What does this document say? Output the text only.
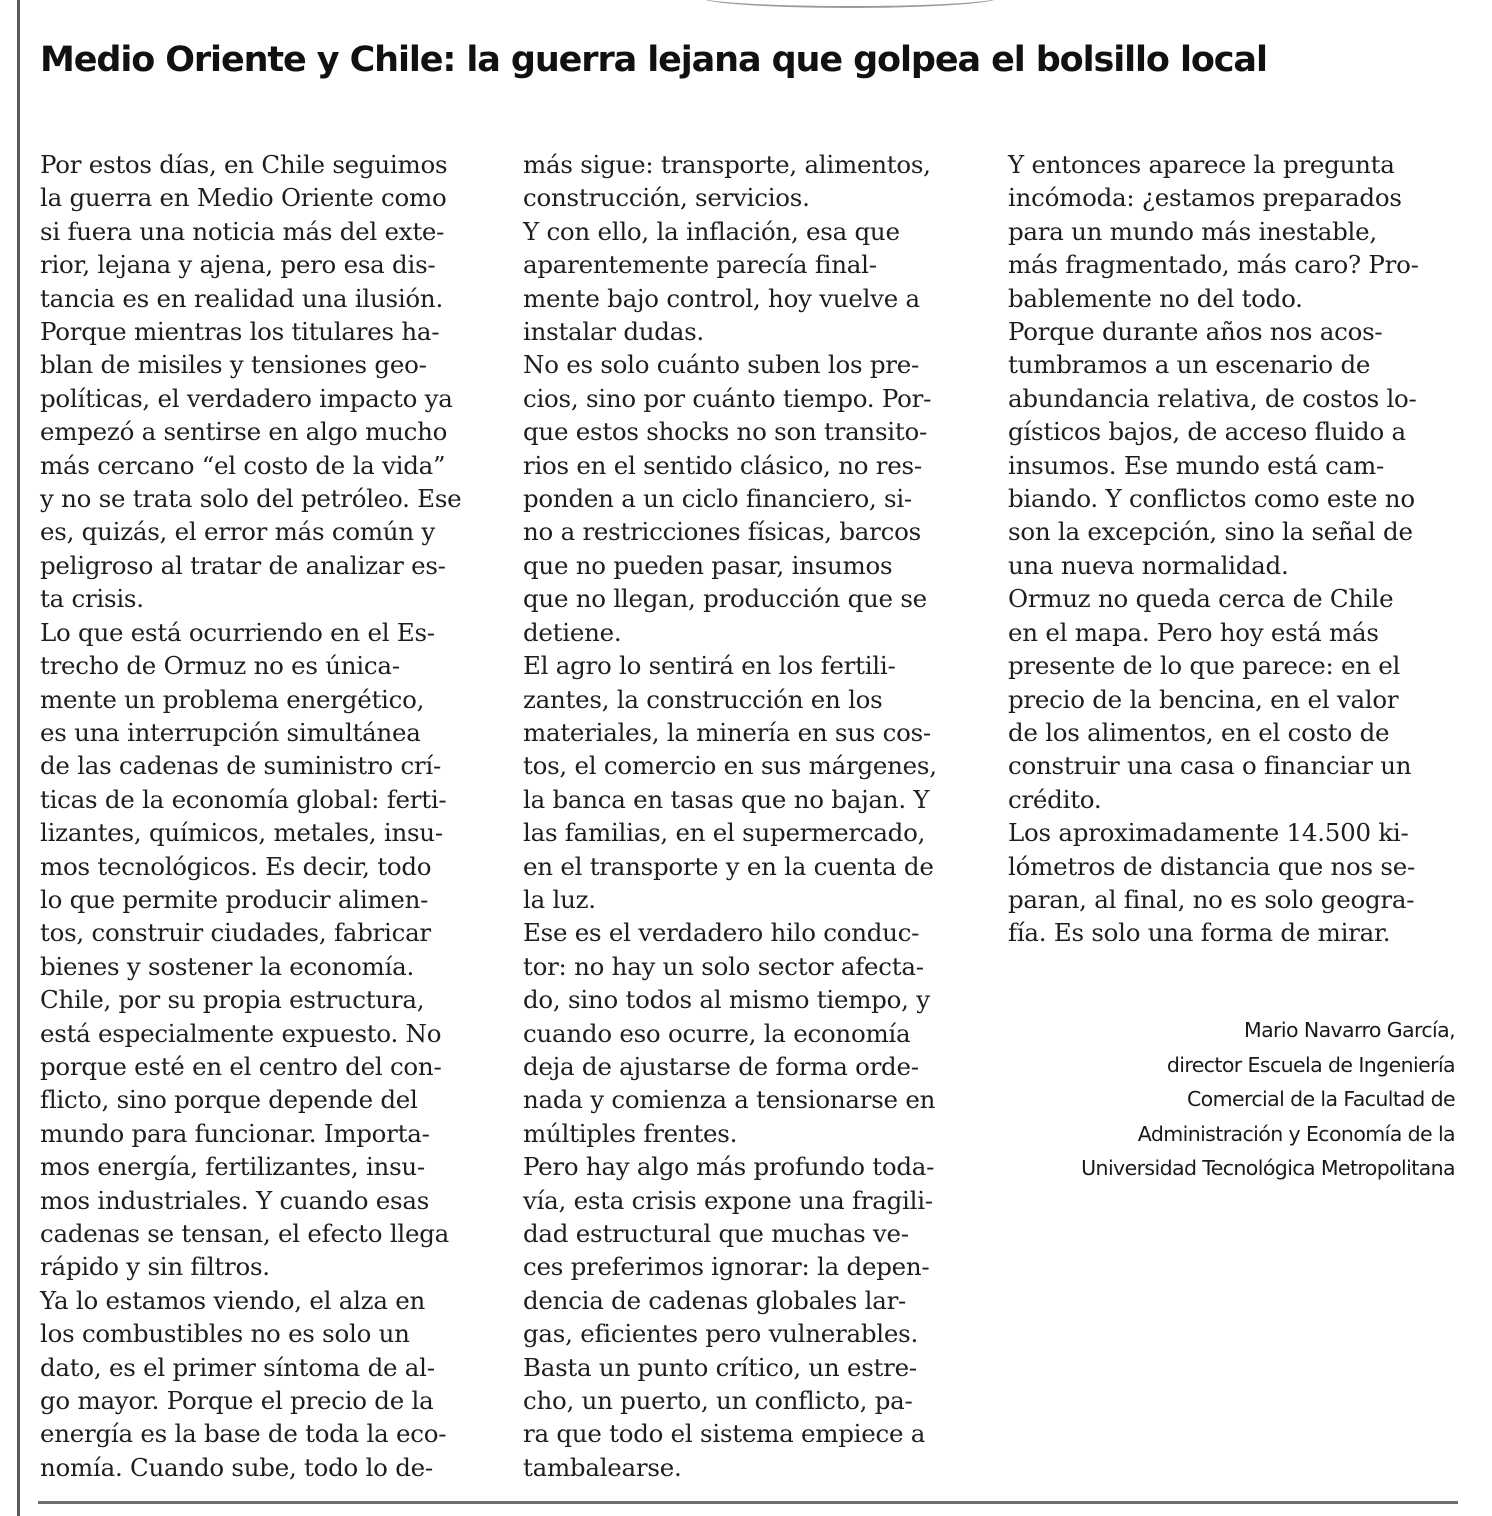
Medio Oriente y Chile: la guerra lejana que golpea el bolsillo local
Por estos días, en Chile seguimos
la guerra en Medio Oriente como
si fuera una noticia más del exte-
rior, lejana y ajena, pero esa dis-
tancia es en realidad una ilusión.
Porque mientras los titulares ha-
blan de misiles y tensiones geo-
políticas, el verdadero impacto ya
empezó a sentirse en algo mucho
más cercano “el costo de la vida”
y no se trata solo del petróleo. Ese
es, quizás, el error más común y
peligroso al tratar de analizar es-
ta crisis.
Lo que está ocurriendo en el Es-
trecho de Ormuz no es única-
mente un problema energético,
es una interrupción simultánea
de las cadenas de suministro crí-
ticas de la economía global: ferti-
lizantes, químicos, metales, insu-
mos tecnológicos. Es decir, todo
lo que permite producir alimen-
tos, construir ciudades, fabricar
bienes y sostener la economía.
Chile, por su propia estructura,
está especialmente expuesto. No
porque esté en el centro del con-
flicto, sino porque depende del
mundo para funcionar. Importa-
mos energía, fertilizantes, insu-
mos industriales. Y cuando esas
cadenas se tensan, el efecto llega
rápido y sin filtros.
Ya lo estamos viendo, el alza en
los combustibles no es solo un
dato, es el primer síntoma de al-
go mayor. Porque el precio de la
energía es la base de toda la eco-
nomía. Cuando sube, todo lo de-
más sigue: transporte, alimentos,
construcción, servicios.
Y con ello, la inflación, esa que
aparentemente parecía final-
mente bajo control, hoy vuelve a
instalar dudas.
No es solo cuánto suben los pre-
cios, sino por cuánto tiempo. Por-
que estos shocks no son transito-
rios en el sentido clásico, no res-
ponden a un ciclo financiero, si-
no a restricciones físicas, barcos
que no pueden pasar, insumos
que no llegan, producción que se
detiene.
El agro lo sentirá en los fertili-
zantes, la construcción en los
materiales, la minería en sus cos-
tos, el comercio en sus márgenes,
la banca en tasas que no bajan. Y
las familias, en el supermercado,
en el transporte y en la cuenta de
la luz.
Ese es el verdadero hilo conduc-
tor: no hay un solo sector afecta-
do, sino todos al mismo tiempo, y
cuando eso ocurre, la economía
deja de ajustarse de forma orde-
nada y comienza a tensionarse en
múltiples frentes.
Pero hay algo más profundo toda-
vía, esta crisis expone una fragili-
dad estructural que muchas ve-
ces preferimos ignorar: la depen-
dencia de cadenas globales lar-
gas, eficientes pero vulnerables.
Basta un punto crítico, un estre-
cho, un puerto, un conflicto, pa-
ra que todo el sistema empiece a
tambalearse.
Y entonces aparece la pregunta
incómoda: ¿estamos preparados
para un mundo más inestable,
más fragmentado, más caro? Pro-
bablemente no del todo.
Porque durante años nos acos-
tumbramos a un escenario de
abundancia relativa, de costos lo-
gísticos bajos, de acceso fluido a
insumos. Ese mundo está cam-
biando. Y conflictos como este no
son la excepción, sino la señal de
una nueva normalidad.
Ormuz no queda cerca de Chile
en el mapa. Pero hoy está más
presente de lo que parece: en el
precio de la bencina, en el valor
de los alimentos, en el costo de
construir una casa o financiar un
crédito.
Los aproximadamente 14.500 ki-
lómetros de distancia que nos se-
paran, al final, no es solo geogra-
fía. Es solo una forma de mirar.
Mario Navarro García,
director Escuela de Ingeniería
Comercial de la Facultad de
Administración y Economía de la
Universidad Tecnológica Metropolitana
